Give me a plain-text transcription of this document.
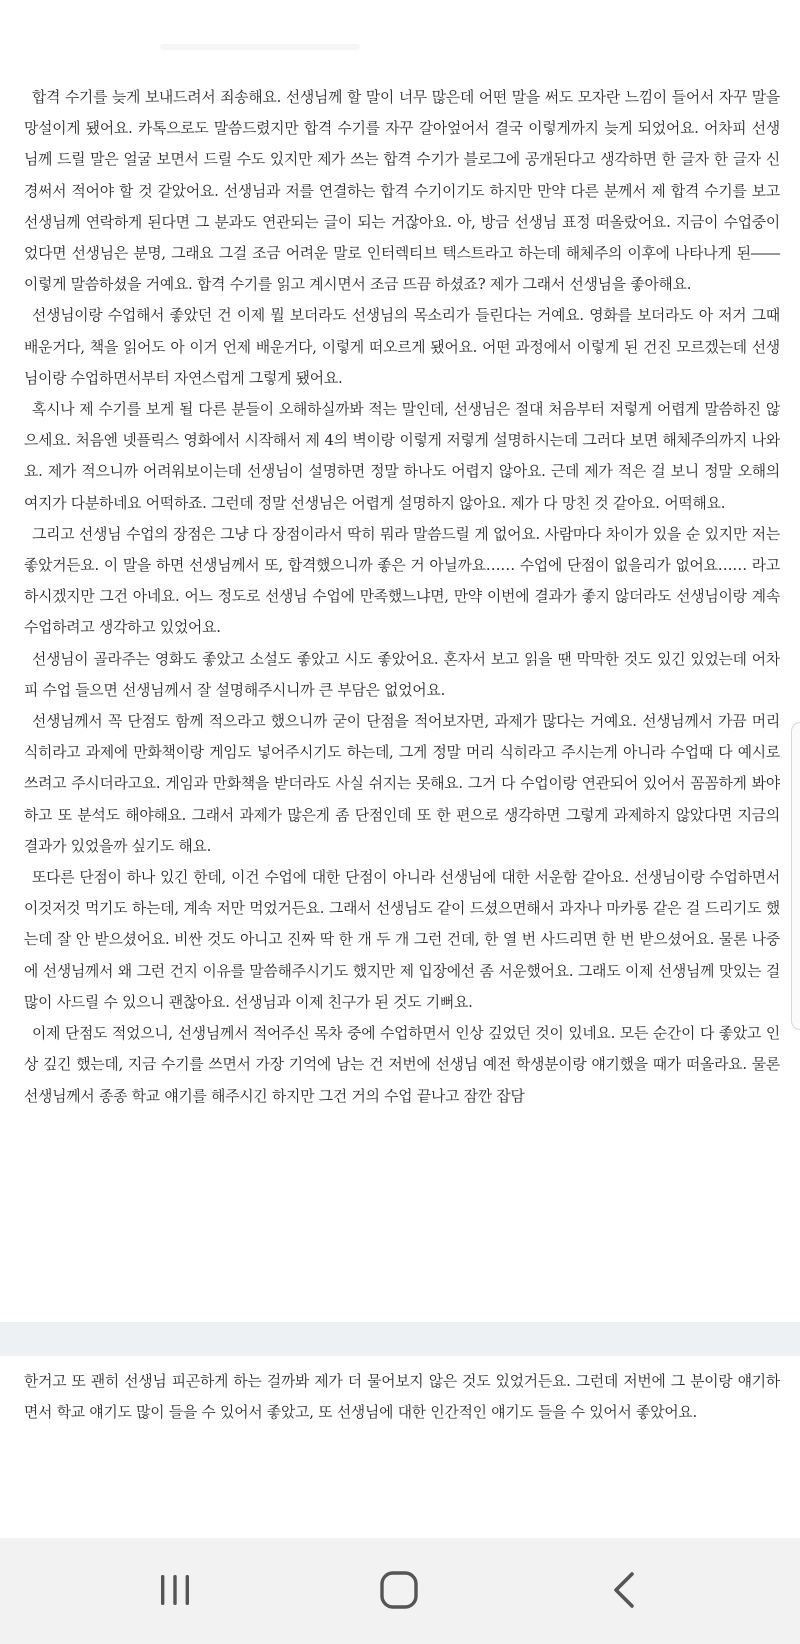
합격 수기를 늦게 보내드려서 죄송해요. 선생님께 할 말이 너무 많은데 어떤 말을 써도 모자란 느낌이 들어서 자꾸 말을 망설이게 됐어요. 카톡으로도 말씀드렸지만 합격 수기를 자꾸 갈아엎어서 결국 이렇게까지 늦게 되었어요. 어차피 선생님께 드릴 말은 얼굴 보면서 드릴 수도 있지만 제가 쓰는 합격 수기가 블로그에 공개된다고 생각하면 한 글자 한 글자 신경써서 적어야 할 것 같았어요. 선생님과 저를 연결하는 합격 수기이기도 하지만 만약 다른 분께서 제 합격 수기를 보고 선생님께 연락하게 된다면 그 분과도 연관되는 글이 되는 거잖아요. 아, 방금 선생님 표정 떠올랐어요. 지금이 수업중이었다면 선생님은 분명, 그래요 그걸 조금 어려운 말로 인터렉티브 텍스트라고 하는데 해체주의 이후에 나타나게 된―― 이렇게 말씀하셨을 거예요. 합격 수기를 읽고 계시면서 조금 뜨끔 하셨죠? 제가 그래서 선생님을 좋아해요.

선생님이랑 수업해서 좋았던 건 이제 뭘 보더라도 선생님의 목소리가 들린다는 거예요. 영화를 보더라도 아 저거 그때 배운거다, 책을 읽어도 아 이거 언제 배운거다, 이렇게 떠오르게 됐어요. 어떤 과정에서 이렇게 된 건진 모르겠는데 선생님이랑 수업하면서부터 자연스럽게 그렇게 됐어요.

혹시나 제 수기를 보게 될 다른 분들이 오해하실까봐 적는 말인데, 선생님은 절대 처음부터 저렇게 어렵게 말씀하진 않으세요. 처음엔 넷플릭스 영화에서 시작해서 제 4의 벽이랑 이렇게 저렇게 설명하시는데 그러다 보면 해체주의까지 나와요. 제가 적으니까 어려워보이는데 선생님이 설명하면 정말 하나도 어렵지 않아요. 근데 제가 적은 걸 보니 정말 오해의 여지가 다분하네요 어떡하죠. 그런데 정말 선생님은 어렵게 설명하지 않아요. 제가 다 망친 것 같아요. 어떡해요.

그리고 선생님 수업의 장점은 그냥 다 장점이라서 딱히 뭐라 말씀드릴 게 없어요. 사람마다 차이가 있을 순 있지만 저는 좋았거든요. 이 말을 하면 선생님께서 또, 합격했으니까 좋은 거 아닐까요…… 수업에 단점이 없을리가 없어요…… 라고 하시겠지만 그건 아네요. 어느 정도로 선생님 수업에 만족했느냐면, 만약 이번에 결과가 좋지 않더라도 선생님이랑 계속 수업하려고 생각하고 있었어요.

선생님이 골라주는 영화도 좋았고 소설도 좋았고 시도 좋았어요. 혼자서 보고 읽을 땐 막막한 것도 있긴 있었는데 어차피 수업 들으면 선생님께서 잘 설명해주시니까 큰 부담은 없었어요.

선생님께서 꼭 단점도 함께 적으라고 했으니까 굳이 단점을 적어보자면, 과제가 많다는 거예요. 선생님께서 가끔 머리 식히라고 과제에 만화책이랑 게임도 넣어주시기도 하는데, 그게 정말 머리 식히라고 주시는게 아니라 수업때 다 예시로 쓰려고 주시더라고요. 게임과 만화책을 받더라도 사실 쉬지는 못해요. 그거 다 수업이랑 연관되어 있어서 꼼꼼하게 봐야하고 또 분석도 해야해요. 그래서 과제가 많은게 좀 단점인데 또 한 편으로 생각하면 그렇게 과제하지 않았다면 지금의 결과가 있었을까 싶기도 해요.

또다른 단점이 하나 있긴 한데, 이건 수업에 대한 단점이 아니라 선생님에 대한 서운함 같아요. 선생님이랑 수업하면서 이것저것 먹기도 하는데, 계속 저만 먹었거든요. 그래서 선생님도 같이 드셨으면해서 과자나 마카롱 같은 걸 드리기도 했는데 잘 안 받으셨어요. 비싼 것도 아니고 진짜 딱 한 개 두 개 그런 건데, 한 열 번 사드리면 한 번 받으셨어요. 물론 나중에 선생님께서 왜 그런 건지 이유를 말씀해주시기도 했지만 제 입장에선 좀 서운했어요. 그래도 이제 선생님께 맛있는 걸 많이 사드릴 수 있으니 괜찮아요. 선생님과 이제 친구가 된 것도 기뻐요.

이제 단점도 적었으니, 선생님께서 적어주신 목차 중에 수업하면서 인상 깊었던 것이 있네요. 모든 순간이 다 좋았고 인상 깊긴 했는데, 지금 수기를 쓰면서 가장 기억에 남는 건 저번에 선생님 예전 학생분이랑 얘기했을 때가 떠올라요. 물론 선생님께서 종종 학교 얘기를 해주시긴 하지만 그건 거의 수업 끝나고 잠깐 잡담

한거고 또 괜히 선생님 피곤하게 하는 걸까봐 제가 더 물어보지 않은 것도 있었거든요. 그런데 저번에 그 분이랑 얘기하면서 학교 얘기도 많이 들을 수 있어서 좋았고, 또 선생님에 대한 인간적인 얘기도 들을 수 있어서 좋았어요.
